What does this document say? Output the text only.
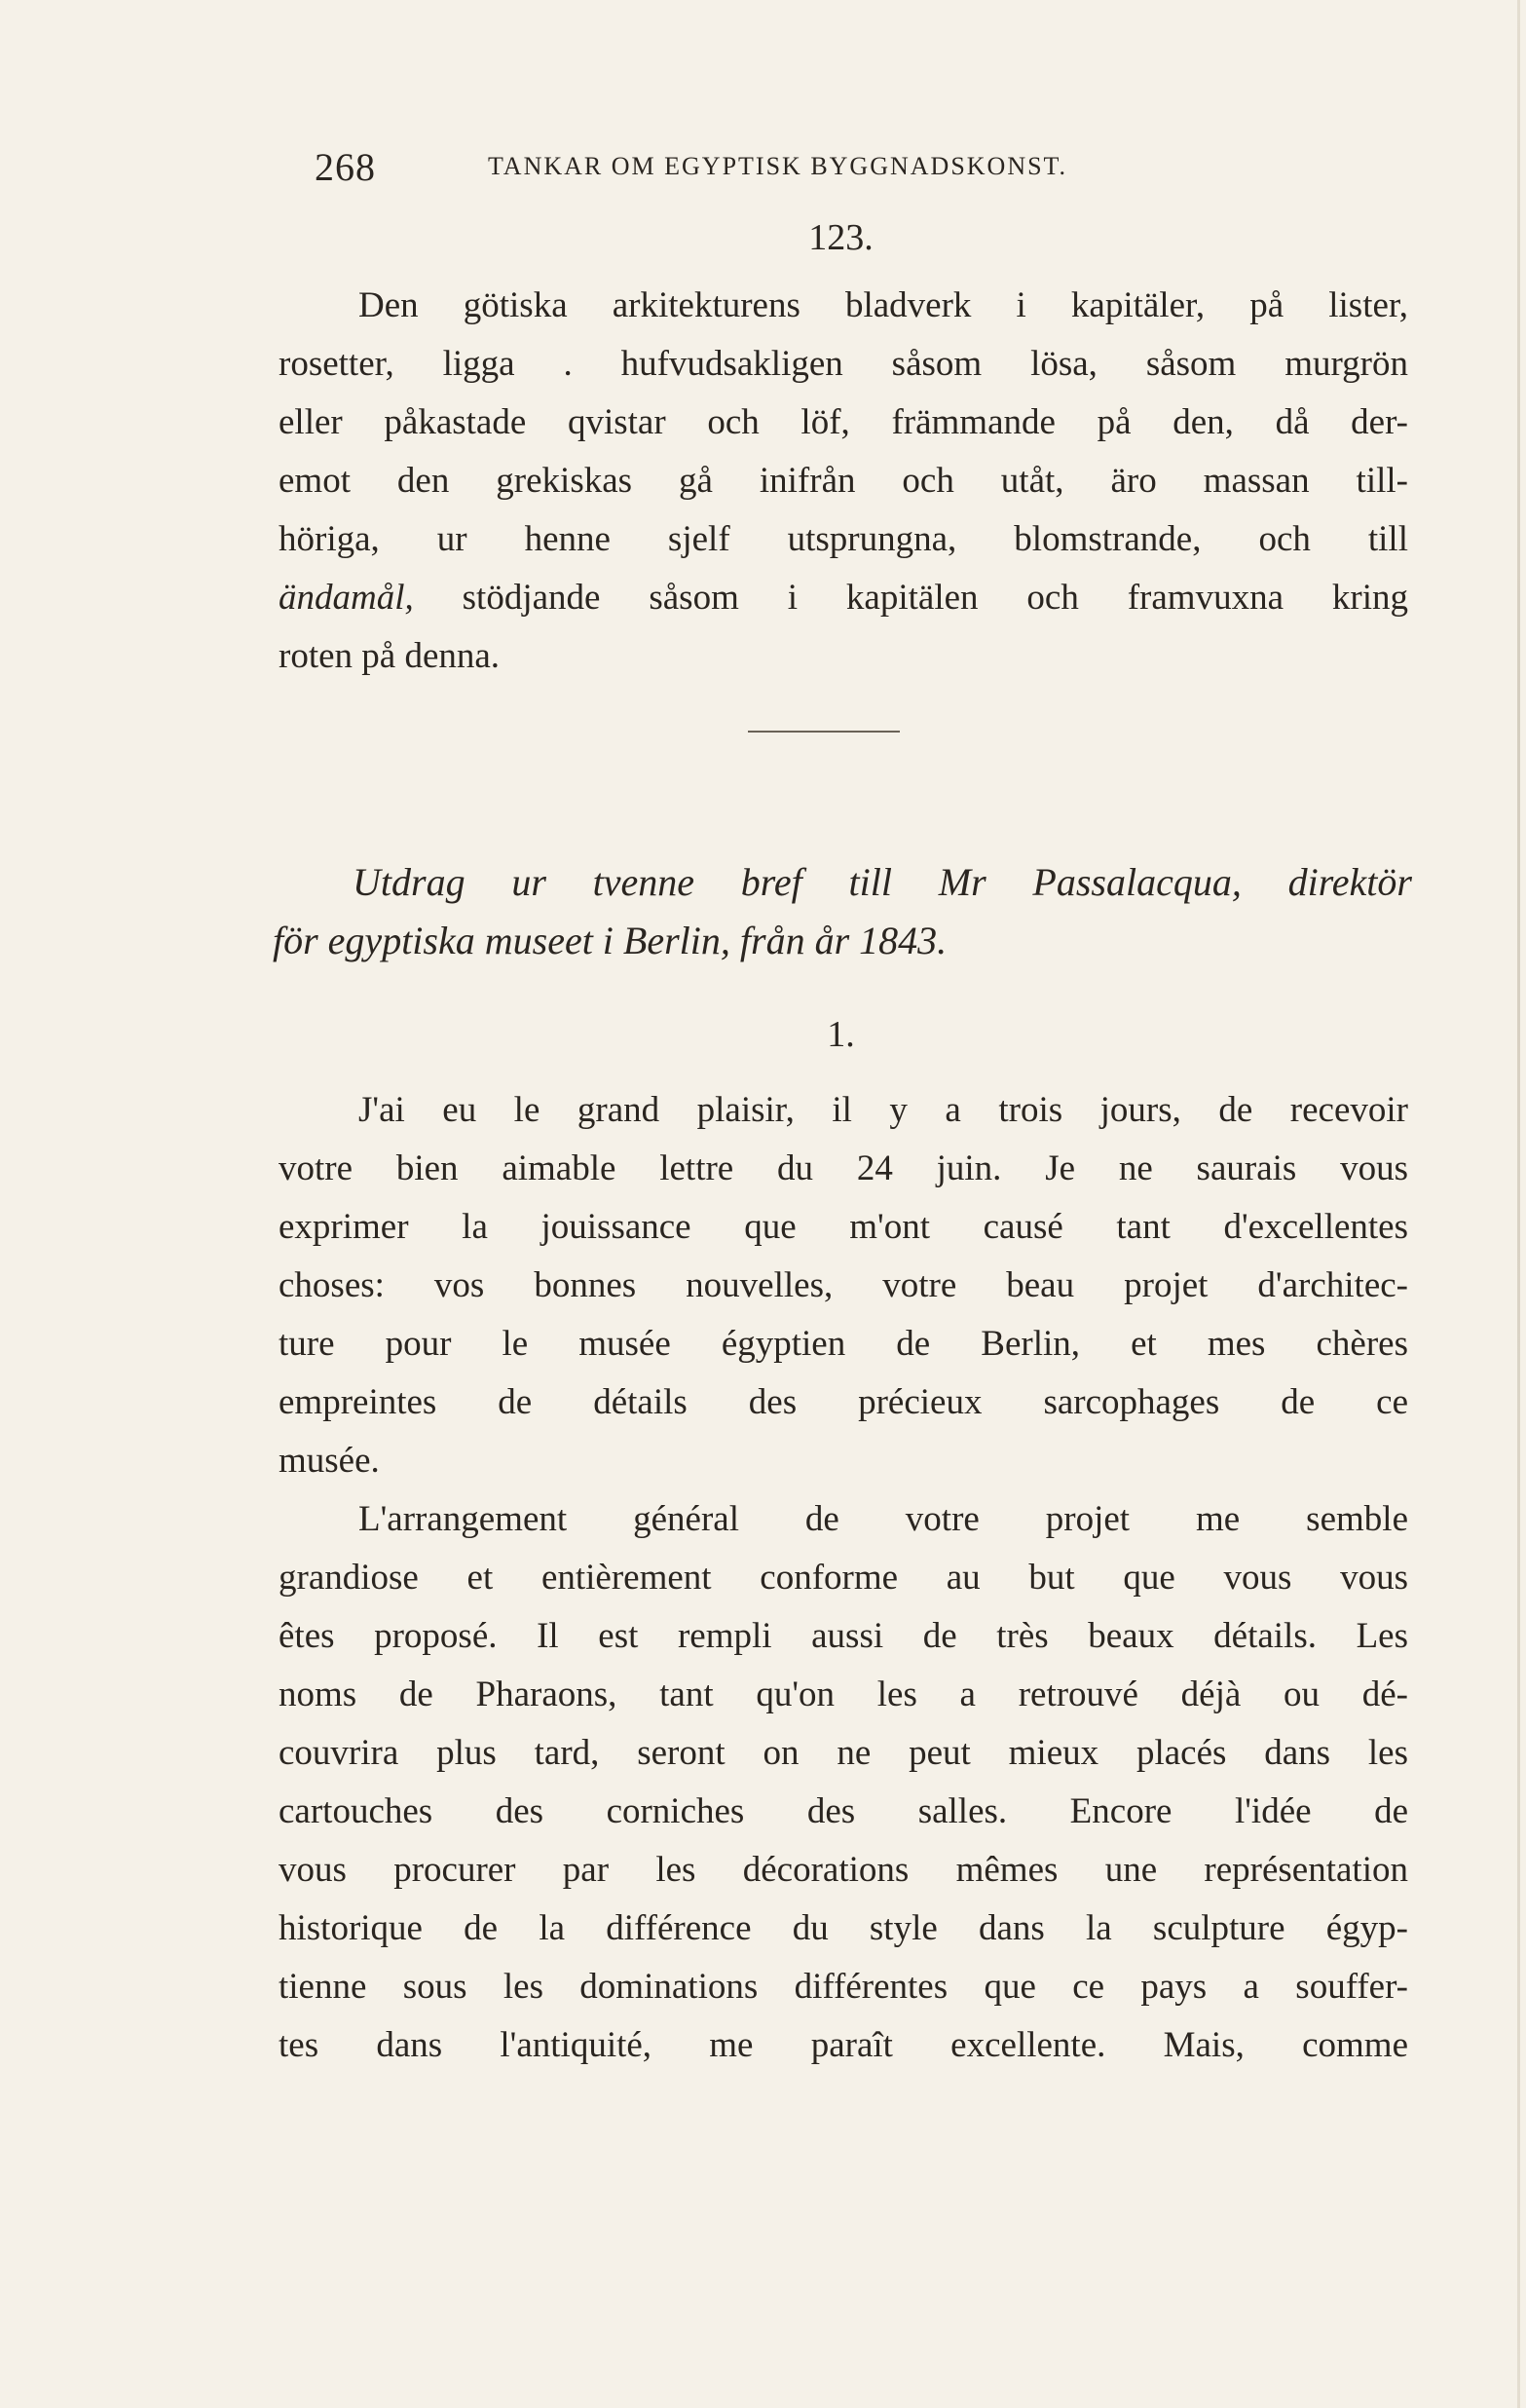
268	TANKAR OM EGYPTISK BYGGNADSKONST.
123.
Den götiska arkitekturens bladverk i kapitäler, på lister,
rosetter, ligga . hufvudsakligen såsom lösa, såsom murgrön
eller påkastade qvistar och löf, främmande på den, då der-
emot den grekiskas gå inifrån och utåt, äro massan till-
höriga, ur henne sjelf utsprungna, blomstrande, och till
ändamål, stödjande såsom i kapitälen och framvuxna kring
roten på denna.
Utdrag ur tvenne bref till Mr Passalacqua, direktör
för egyptiska museet i Berlin, från år 1843.
1.
J'ai eu le grand plaisir, il y a trois jours, de recevoir
votre bien aimable lettre du 24 juin. Je ne saurais vous
exprimer la jouissance que m'ont causé tant d'excellentes
choses: vos bonnes nouvelles, votre beau projet d'architec-
ture pour le musée égyptien de Berlin, et mes chères
empreintes de détails des précieux sarcophages de ce
musée.
L'arrangement général de votre projet me semble
grandiose et entièrement conforme au but que vous vous
êtes proposé. Il est rempli aussi de très beaux détails. Les
noms de Pharaons, tant qu'on les a retrouvé déjà ou dé-
couvrira plus tard, seront on ne peut mieux placés dans les
cartouches des corniches des salles. Encore l'idée de
vous procurer par les décorations mêmes une représentation
historique de la différence du style dans la sculpture égyp-
tienne sous les dominations différentes que ce pays a souffer-
tes dans l'antiquité, me paraît excellente. Mais, comme
